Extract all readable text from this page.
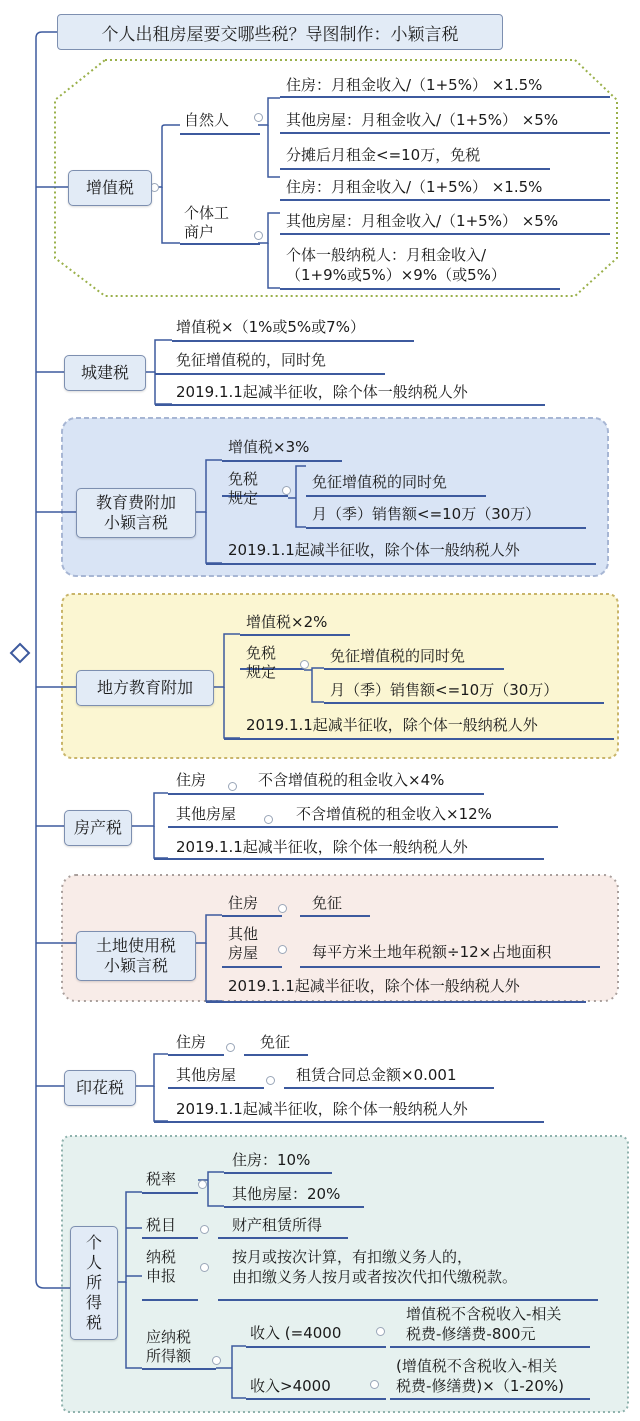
个人出租房屋要交哪些税？导图制作：小颖言税
增值税
自然人
住房：月租金收入/（1+5%） ×1.5%
其他房屋：月租金收入/（1+5%） ×5%
分摊后月租金<=10万，免税
个体工
商户
住房：月租金收入/（1+5%） ×1.5%
其他房屋：月租金收入/（1+5%） ×5%
个体一般纳税人：月租金收入/
（1+9%或5%）×9%（或5%）
城建税
增值税×（1%或5%或7%）
免征增值税的，同时免
2019.1.1起减半征收，除个体一般纳税人外
教育费附加
小颖言税
增值税×3%
免税
规定
免征增值税的同时免
月（季）销售额<=10万（30万）
2019.1.1起减半征收，除个体一般纳税人外
地方教育附加
增值税×2%
免税
规定
免征增值税的同时免
月（季）销售额<=10万（30万）
2019.1.1起减半征收，除个体一般纳税人外
房产税
住房	不含增值税的租金收入×4%
其他房屋	不含增值税的租金收入×12%
2019.1.1起减半征收，除个体一般纳税人外
土地使用税
小颖言税
住房	免征
其他
房屋	每平方米土地年税额÷12×占地面积
2019.1.1起减半征收，除个体一般纳税人外
印花税
住房	免征
其他房屋	租赁合同总金额×0.001
2019.1.1起减半征收，除个体一般纳税人外
个
人
所
得
税
税率
住房：10%
其他房屋：20%
税目	财产租赁所得
纳税
申报
按月或按次计算，有扣缴义务人的，
由扣缴义务人按月或者按次代扣代缴税款。
应纳税
所得额
收入 (=4000
增值税不含税收入-相关
税费-修缮费-800元
收入>4000
(增值税不含税收入-相关
税费-修缮费)×（1-20%)
